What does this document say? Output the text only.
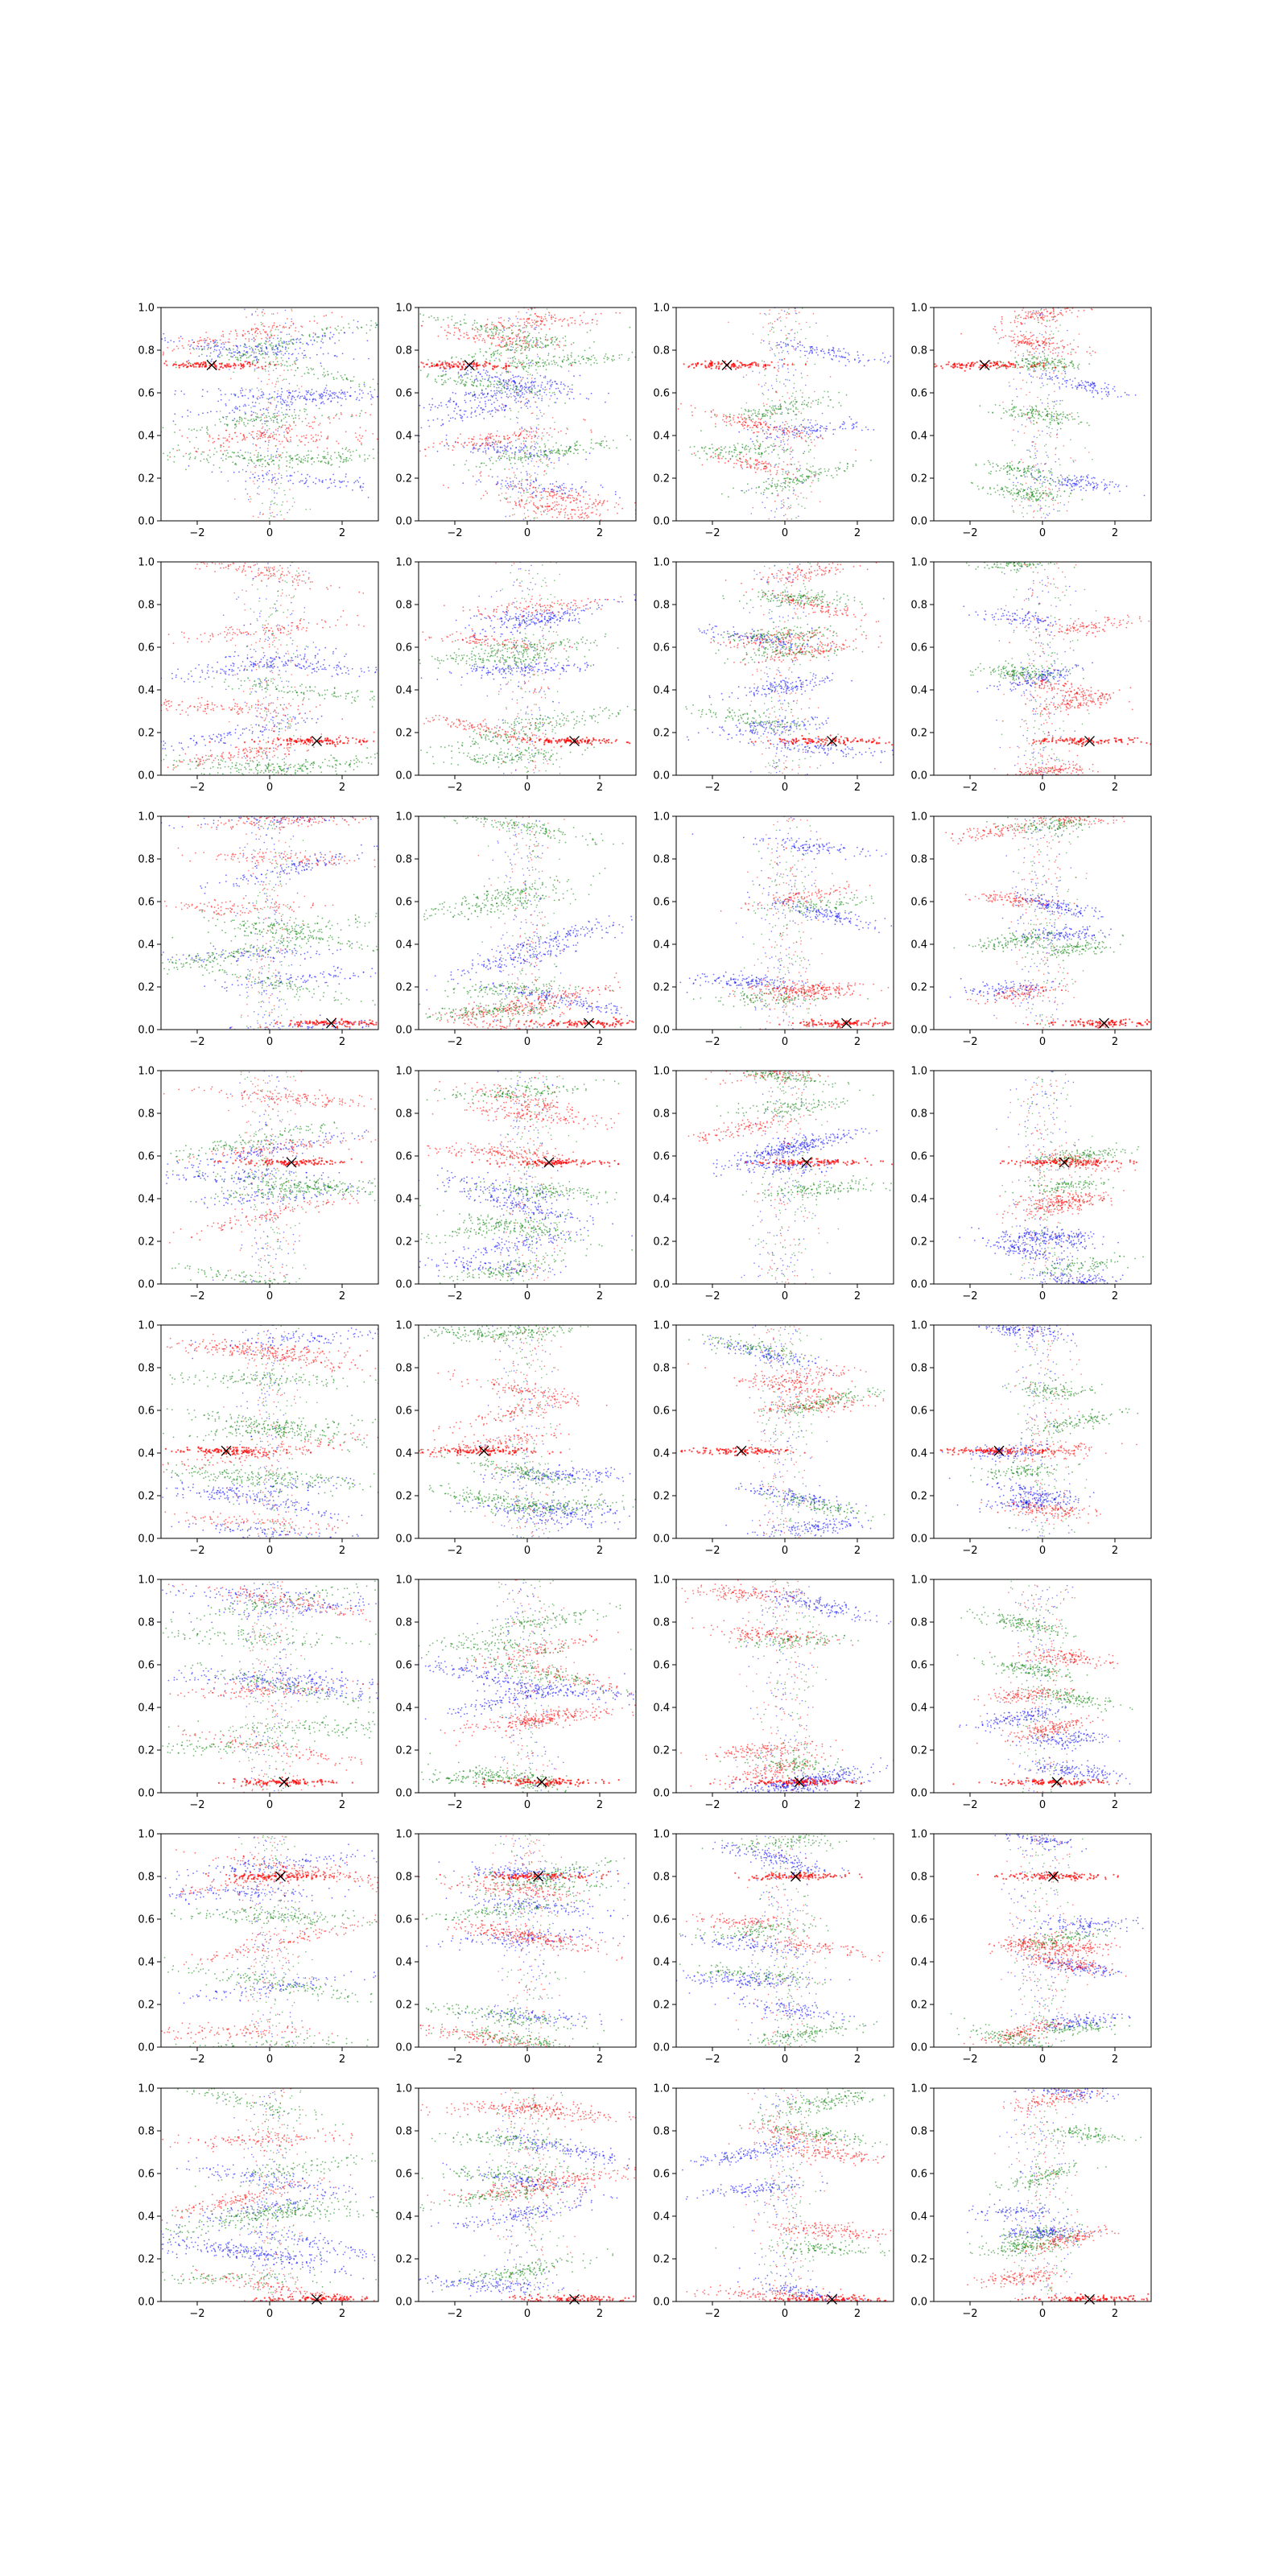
−2	0	2
0.0
0.2
0.4
0.6
0.8
1.0
−2	0	2
0.0
0.2
0.4
0.6
0.8
1.0
−2	0	2
0.0
0.2
0.4
0.6
0.8
1.0
−2	0	2
0.0
0.2
0.4
0.6
0.8
1.0
−2	0	2
0.0
0.2
0.4
0.6
0.8
1.0
−2	0	2
0.0
0.2
0.4
0.6
0.8
1.0
−2	0	2
0.0
0.2
0.4
0.6
0.8
1.0
−2	0	2
0.0
0.2
0.4
0.6
0.8
1.0
−2	0	2
0.0
0.2
0.4
0.6
0.8
1.0
−2	0	2
0.0
0.2
0.4
0.6
0.8
1.0
−2	0	2
0.0
0.2
0.4
0.6
0.8
1.0
−2	0	2
0.0
0.2
0.4
0.6
0.8
1.0
−2	0	2
0.0
0.2
0.4
0.6
0.8
1.0
−2	0	2
0.0
0.2
0.4
0.6
0.8
1.0
−2	0	2
0.0
0.2
0.4
0.6
0.8
1.0
−2	0	2
0.0
0.2
0.4
0.6
0.8
1.0
−2	0	2
0.0
0.2
0.4
0.6
0.8
1.0
−2	0	2
0.0
0.2
0.4
0.6
0.8
1.0
−2	0	2
0.0
0.2
0.4
0.6
0.8
1.0
−2	0	2
0.0
0.2
0.4
0.6
0.8
1.0
−2	0	2
0.0
0.2
0.4
0.6
0.8
1.0
−2	0	2
0.0
0.2
0.4
0.6
0.8
1.0
−2	0	2
0.0
0.2
0.4
0.6
0.8
1.0
−2	0	2
0.0
0.2
0.4
0.6
0.8
1.0
−2	0	2
0.0
0.2
0.4
0.6
0.8
1.0
−2	0	2
0.0
0.2
0.4
0.6
0.8
1.0
−2	0	2
0.0
0.2
0.4
0.6
0.8
1.0
−2	0	2
0.0
0.2
0.4
0.6
0.8
1.0
−2	0	2
0.0
0.2
0.4
0.6
0.8
1.0
−2	0	2
0.0
0.2
0.4
0.6
0.8
1.0
−2	0	2
0.0
0.2
0.4
0.6
0.8
1.0
−2	0	2
0.0
0.2
0.4
0.6
0.8
1.0
